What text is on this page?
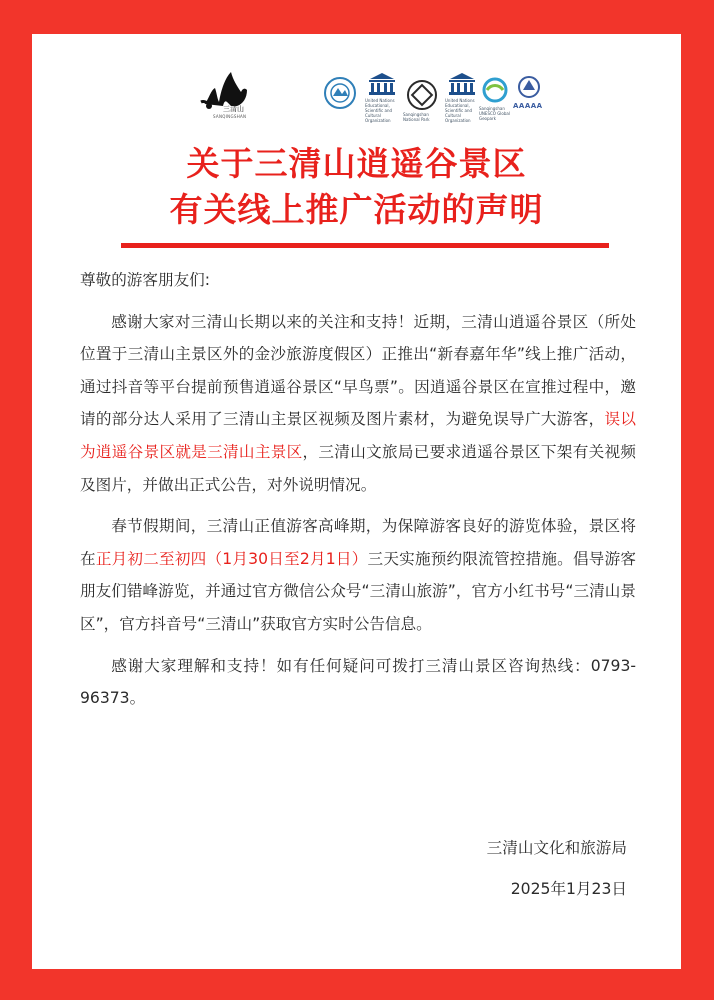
三清山
SANQINGSHAN
United Nations Educational, Scientific and Cultural Organization
Sanqingshan National Park
United Nations Educational, Scientific and Cultural Organization
Sanqingshan UNESCO Global Geopark
AAAAA
关于三清山逍遥谷景区
有关线上推广活动的声明

尊敬的游客朋友们:

感谢大家对三清山长期以来的关注和支持！近期，三清山逍遥谷景区（所处位置于三清山主景区外的金沙旅游度假区）正推出“新春嘉年华”线上推广活动，通过抖音等平台提前预售逍遥谷景区“早鸟票”。因逍遥谷景区在宣推过程中，邀请的部分达人采用了三清山主景区视频及图片素材，为避免误导广大游客，误以为逍遥谷景区就是三清山主景区，三清山文旅局已要求逍遥谷景区下架有关视频及图片，并做出正式公告，对外说明情况。

春节假期间，三清山正值游客高峰期，为保障游客良好的游览体验，景区将在正月初二至初四（1月30日至2月1日）三天实施预约限流管控措施。倡导游客朋友们错峰游览，并通过官方微信公众号“三清山旅游”，官方小红书号“三清山景区”，官方抖音号“三清山”获取官方实时公告信息。

感谢大家理解和支持！如有任何疑问可拨打三清山景区咨询热线：0793-96373。

三清山文化和旅游局
2025年1月23日
